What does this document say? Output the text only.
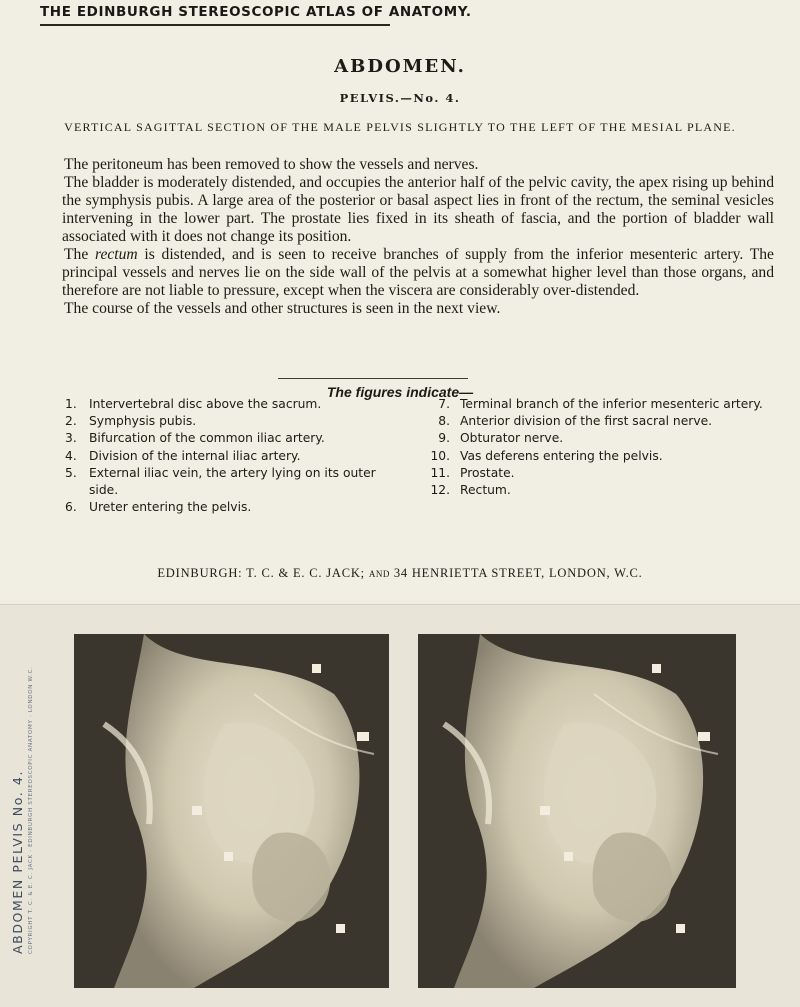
THE EDINBURGH STEREOSCOPIC ATLAS OF ANATOMY.
ABDOMEN.
PELVIS.—No. 4.
VERTICAL SAGITTAL SECTION OF THE MALE PELVIS SLIGHTLY TO THE LEFT OF THE MESIAL PLANE.

The peritoneum has been removed to show the vessels and nerves.

The bladder is moderately distended, and occupies the anterior half of the pelvic cavity, the apex rising up behind the symphysis pubis. A large area of the posterior or basal aspect lies in front of the rectum, the seminal vesicles intervening in the lower part. The prostate lies fixed in its sheath of fascia, and the portion of bladder wall associated with it does not change its position.

The rectum is distended, and is seen to receive branches of supply from the inferior mesenteric artery. The principal vessels and nerves lie on the side wall of the pelvis at a somewhat higher level than those organs, and therefore are not liable to pressure, except when the viscera are considerably over-distended.

The course of the vessels and other structures is seen in the next view.

The figures indicate—
1. Intervertebral disc above the sacrum.
2. Symphysis pubis.
3. Bifurcation of the common iliac artery.
4. Division of the internal iliac artery.
5. External iliac vein, the artery lying on its outer side.
6. Ureter entering the pelvis.
7. Terminal branch of the inferior mesenteric artery.
8. Anterior division of the first sacral nerve.
9. Obturator nerve.
10. Vas deferens entering the pelvis.
11. Prostate.
12. Rectum.
EDINBURGH: T. C. & E. C. JACK; AND 34 HENRIETTA STREET, LONDON, W.C.
ABDOMEN PELVIS No. 4. COPYRIGHT T. C. & E. C. JACK · EDINBURGH STEREOSCOPIC ANATOMY · LONDON W.C.
